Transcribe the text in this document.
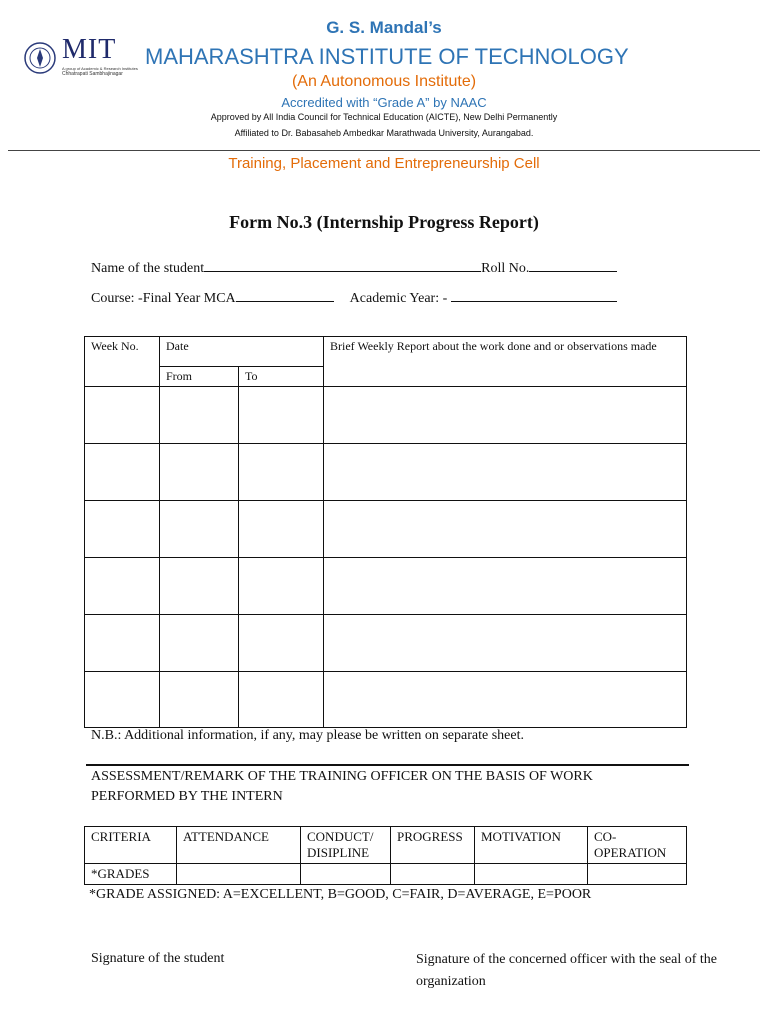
G. S. Mandal’s
MIT
A group of Academic & Research Institutes
Chhatrapati Sambhajinagar
MAHARASHTRA INSTITUTE OF TECHNOLOGY
(An Autonomous Institute)
Accredited with “Grade A” by NAAC
Approved by All India Council for Technical Education (AICTE), New Delhi Permanently
Affiliated to Dr. Babasaheb Ambedkar Marathwada University, Aurangabad.
Training, Placement and Entrepreneurship Cell
Form No.3 (Internship Progress Report)
Name of the student	Roll No.
Course: -Final Year MCA	Academic Year: -
Week No.	Date		Brief Weekly Report about the work done and or observations made
	From	To	

N.B.: Additional information, if any, may please be written on separate sheet.
ASSESSMENT/REMARK OF THE TRAINING OFFICER ON THE BASIS OF WORK
PERFORMED BY THE INTERN
CRITERIA	ATTENDANCE	CONDUCT/ DISIPLINE	PROGRESS	MOTIVATION	CO-OPERATION
*GRADES					
*GRADE ASSIGNED: A=EXCELLENT, B=GOOD, C=FAIR, D=AVERAGE, E=POOR
Signature of the student	Signature of the concerned officer with the seal of the organization
